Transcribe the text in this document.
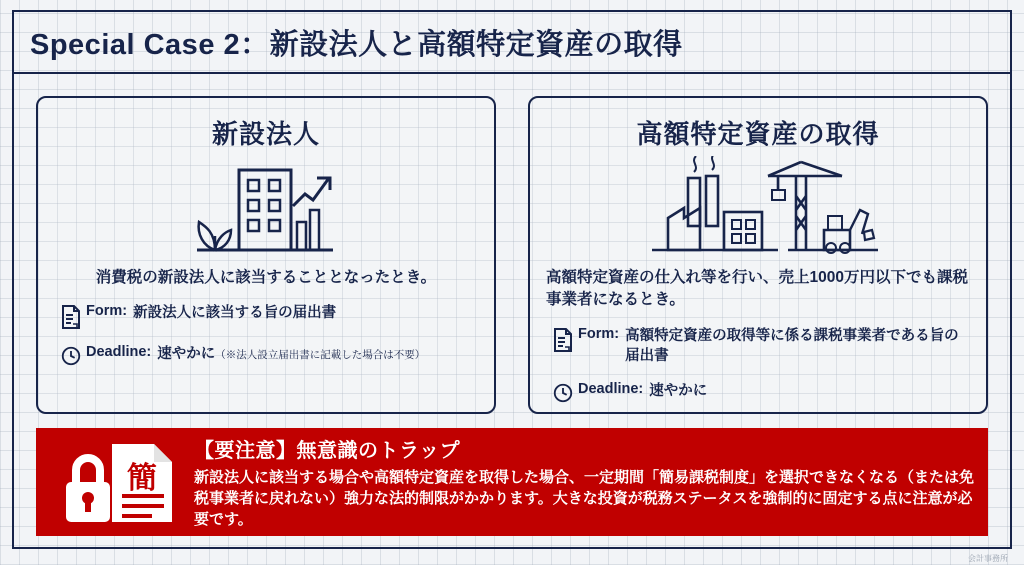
Special Case 2：新設法人と高額特定資産の取得
新設法人
消費税の新設法人に該当することとなったとき。
Form: 新設法人に該当する旨の届出書
Deadline: 速やかに（※法人設立届出書に記載した場合は不要）
高額特定資産の取得
高額特定資産の仕入れ等を行い、売上1000万円以下でも課税事業者になるとき。
Form: 高額特定資産の取得等に係る課税事業者である旨の届出書
Deadline: 速やかに
簡
【要注意】無意識のトラップ
新設法人に該当する場合や高額特定資産を取得した場合、一定期間「簡易課税制度」を選択できなくなる（または免税事業者に戻れない）強力な法的制限がかかります。大きな投資が税務ステータスを強制的に固定する点に注意が必要です。
会計事務所
